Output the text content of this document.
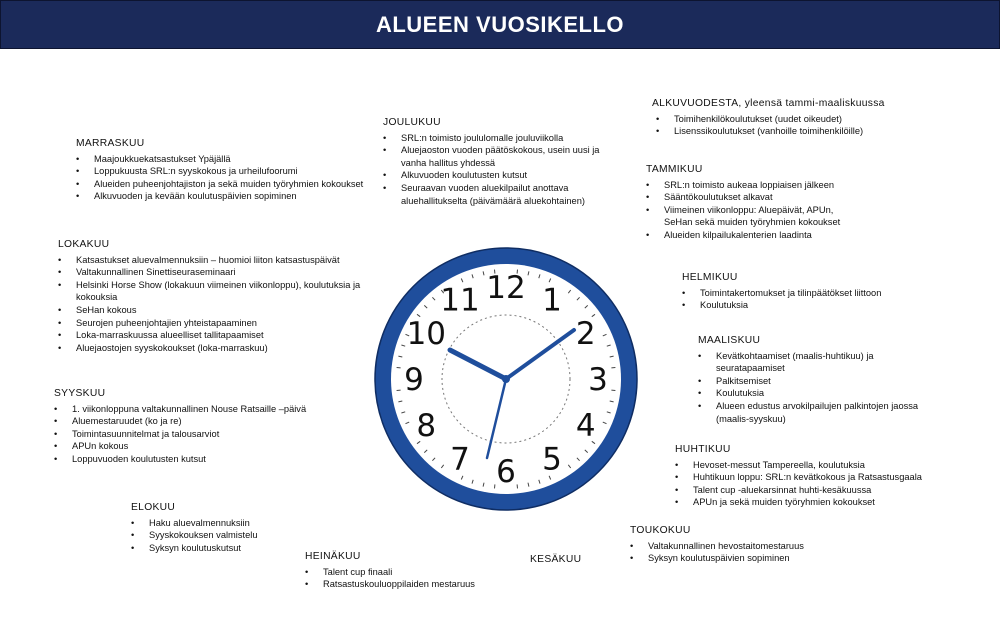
ALUEEN VUOSIKELLO
ALKUVUODESTA, yleensä tammi-maaliskuussa
• Toimihenkilökoulutukset (uudet oikeudet)
• Lisenssikoulutukset (vanhoille toimihenkilöille)
JOULUKUU
• SRL:n toimisto joululomalle jouluviikolla
• Aluejaoston vuoden päätöskokous, usein uusi ja vanha hallitus yhdessä
• Alkuvuoden koulutusten kutsut
• Seuraavan vuoden aluekilpailut anottava aluehallitukselta (päivämäärä aluekohtainen)
MARRASKUU
• Maajoukkuekatsastukset Ypäjällä
• Loppukuusta SRL:n syyskokous ja urheilufoorumi
• Alueiden puheenjohtajiston ja sekä muiden työryhmien kokoukset
• Alkuvuoden ja kevään koulutuspäivien sopiminen
TAMMIKUU
• SRL:n toimisto aukeaa loppiaisen jälkeen
• Sääntökoulutukset alkavat
• Viimeinen viikonloppu: Aluepäivät, APUn, SeHan sekä muiden työryhmien kokoukset
• Alueiden kilpailukalenterien laadinta
LOKAKUU
• Katsastukset aluevalmennuksiin – huomioi liiton katsastuspäivät
• Valtakunnallinen Sinettiseuraseminaari
• Helsinki Horse Show (lokakuun viimeinen viikonloppu), koulutuksia ja kokouksia
• SeHan kokous
• Seurojen puheenjohtajien yhteistapaaminen
• Loka-marraskuussa alueelliset tallitapaamiset
• Aluejaostojen syyskokoukset (loka-marraskuu)
HELMIKUU
• Toimintakertomukset ja tilinpäätökset liittoon
• Koulutuksia
MAALISKUU
• Kevätkohtaamiset (maalis-huhtikuu) ja seuratapaamiset
• Palkitsemiset
• Koulutuksia
• Alueen edustus arvokilpailujen palkintojen jaossa (maalis-syyskuu)
SYYSKUU
• 1. viikonloppuna valtakunnallinen Nouse Ratsaille –päivä
• Aluemestaruudet (ko ja re)
• Toimintasuunnitelmat ja talousarviot
• APUn kokous
• Loppuvuoden koulutusten kutsut
HUHTIKUU
• Hevoset-messut Tampereella, koulutuksia
• Huhtikuun loppu: SRL:n kevätkokous ja Ratsastusgaala
• Talent cup -aluekarsinnat huhti-kesäkuussa
• APUn ja sekä muiden työryhmien kokoukset
ELOKUU
• Haku aluevalmennuksiin
• Syyskokouksen valmistelu
• Syksyn koulutuskutsut
TOUKOKUU
• Valtakunnallinen hevostaitomestaruus
• Syksyn koulutuspäivien sopiminen
HEINÄKUU
• Talent cup finaali
• Ratsastuskouluoppilaiden mestaruus
KESÄKUU
12 1
2
3
4
5
6
7
8
9
10
11
